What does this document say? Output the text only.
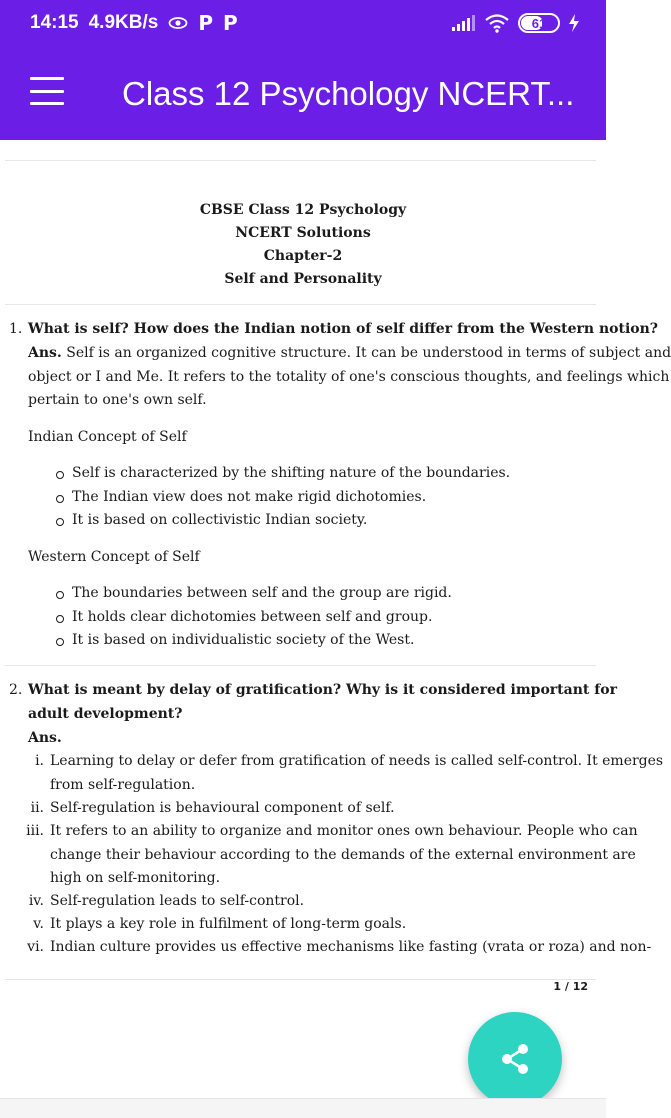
14:15 4.9KB/s P P	61
Class 12 Psychology NCERT...
CBSE Class 12 Psychology
NCERT Solutions
Chapter-2
Self and Personality
1. What is self? How does the Indian notion of self differ from the Western notion?
Ans. Self is an organized cognitive structure. It can be understood in terms of subject and
object or I and Me. It refers to the totality of one's conscious thoughts, and feelings which
pertain to one's own self.
Indian Concept of Self
Self is characterized by the shifting nature of the boundaries.
The Indian view does not make rigid dichotomies.
It is based on collectivistic Indian society.
Western Concept of Self
The boundaries between self and the group are rigid.
It holds clear dichotomies between self and group.
It is based on individualistic society of the West.
2. What is meant by delay of gratification? Why is it considered important for
adult development?
Ans.
i. Learning to delay or defer from gratification of needs is called self-control. It emerges
from self-regulation.
ii. Self-regulation is behavioural component of self.
iii. It refers to an ability to organize and monitor ones own behaviour. People who can
change their behaviour according to the demands of the external environment are
high on self-monitoring.
iv. Self-regulation leads to self-control.
v. It plays a key role in fulfilment of long-term goals.
vi. Indian culture provides us effective mechanisms like fasting (vrata or roza) and non-
1 / 12
